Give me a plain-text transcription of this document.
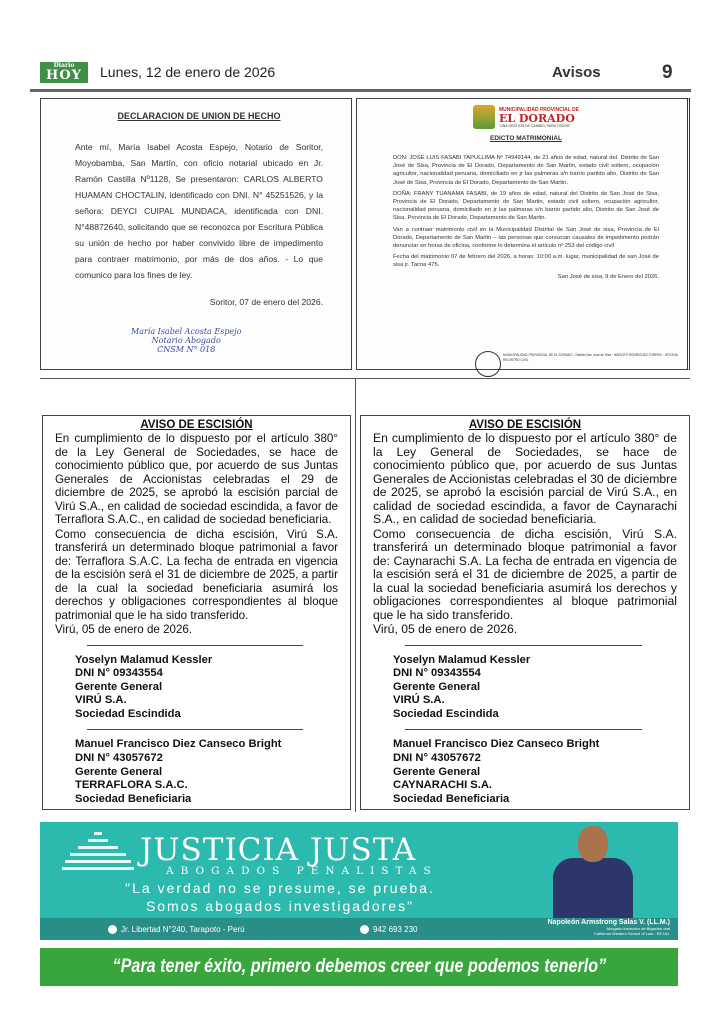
Diario
HOY	Lunes, 12 de enero de 2026	Avisos	9
DECLARACION DE UNION DE HECHO

Ante mí, María Isabel Acosta Espejo, Notario de Soritor, Moyobamba, San Martín, con oficio notarial ubicado en Jr. Ramón Castilla Nº1128, Se presentaron: CARLOS ALBERTO HUAMAN CHOCTALIN, identificado con DNI. N° 45251526, y la señora: DEYCI CUIPAL MUNDACA, identificada con DNI. N°48872640, solicitando que se reconozca por Escritura Pública su unión de hecho por haber convivido libre de impedimento para contraer matrimonio, por más de dos años. - Lo que comunico para los fines de ley.

Soritor, 07 de enero del 2026.
María Isabel Acosta Espejo
Notario Abogado
CNSM N° 018
MUNICIPALIDAD PROVINCIAL DE
EL DORADO
"UNA GESTION DE CAMBIO, PARA TODOS"
EDICTO MATRIMONIAL

DON: JOSE LUIS FASABI TAPULLIMA Nº 74949144, de 21 años de edad, natural del. Distrito de San José de Sisa, Provincia de El Dorado, Departamento de San Martin, estado civil soltero, ocupación agricultor, nacionalidad peruana, domiciliado en jr las palmeras s/n barrio partido alto, Distrito de San José de Sisa, Provincia de El Dorado, Departamento de San Martin.

DOÑA: FRANY TUANAMA FASABI, de 19 años de edad, natural del Distrito de San José de Sisa, Provincia de El Dorado, Departamento de San Martin, estado civil soltero, ocupación agricultor, nacionalidad peruana, domiciliado en jr las palmeras s/n barrio partido alto, Distrito de San José de Sisa, Provincia de El Dorado, Departamento de San Martin.

Van a contraer matrimonio civil en la Municipalidad Distrital de San José de sisa, Provincia de El Dorado, Departamento de San Martin – las personas que conozcan causales de impedimento podrán denunciar en horas de oficina, conforme lo determina el articulo nº 253 del código civil

Fecha del matrimonio 07 de febrero del 2026, a horas: 10:00 a.m. lugar, municipalidad de san José de sisa jr. Tacna 475.

San José de sisa, 9 de Enero del 2026.

MUNICIPALIDAD PROVINCIAL DE EL DORADO · Distrito San José de Sisa · NARVITH RODRIGUEZ TORRES · OFICINA REGISTRO CIVIL
AVISO DE ESCISIÓN

En cumplimiento de lo dispuesto por el artículo 380° de la Ley General de Sociedades, se hace de conocimiento público que, por acuerdo de sus Juntas Generales de Accionistas celebradas el 29 de diciembre de 2025, se aprobó la escisión parcial de Virú S.A., en calidad de sociedad escindida, a favor de Terraflora S.A.C., en calidad de sociedad beneficiaria.

Como consecuencia de dicha escisión, Virú S.A. transferirá un determinado bloque patrimonial a favor de: Terraflora S.A.C. La fecha de entrada en vigencia de la escisión será el 31 de diciembre de 2025, a partir de la cual la sociedad beneficiaria asumirá los derechos y obligaciones correspondientes al bloque patrimonial que le ha sido transferido.

Virú, 05 de enero de 2026.

Yoselyn Malamud Kessler
DNI N° 09343554
Gerente General
VIRÚ S.A.
Sociedad Escindida
Manuel Francisco Diez Canseco Bright
DNI N° 43057672
Gerente General
TERRAFLORA S.A.C.
Sociedad Beneficiaria
AVISO DE ESCISIÓN

En cumplimiento de lo dispuesto por el artículo 380° de la Ley General de Sociedades, se hace de conocimiento público que, por acuerdo de sus Juntas Generales de Accionistas celebradas el 30 de diciembre de 2025, se aprobó la escisión parcial de Virú S.A., en calidad de sociedad escindida, a favor de Caynarachi S.A., en calidad de sociedad beneficiaria.

Como consecuencia de dicha escisión, Virú S.A. transferirá un determinado bloque patrimonial a favor de: Caynarachi S.A. La fecha de entrada en vigencia de la escisión será el 31 de diciembre de 2025, a partir de la cual la sociedad beneficiaria asumirá los derechos y obligaciones correspondientes al bloque patrimonial que le ha sido transferido.

Virú, 05 de enero de 2026.

Yoselyn Malamud Kessler
DNI N° 09343554
Gerente General
VIRÚ S.A.
Sociedad Escindida
Manuel Francisco Diez Canseco Bright
DNI N° 43057672
Gerente General
CAYNARACHI S.A.
Sociedad Beneficiaria
JUSTICIA JUSTA
ABOGADOS PENALISTAS
"La verdad no se presume, se prueba.
Somos abogados investigadores"
Jr. Libertad N°240, Tarapoto - Perú	942 693 230
Napoleón Armstrong Salas V. (LL.M.)
Abogado instructor de litigación oral
California Western School of Law - EE.UU.
“Para tener éxito, primero debemos creer que podemos tenerlo”
